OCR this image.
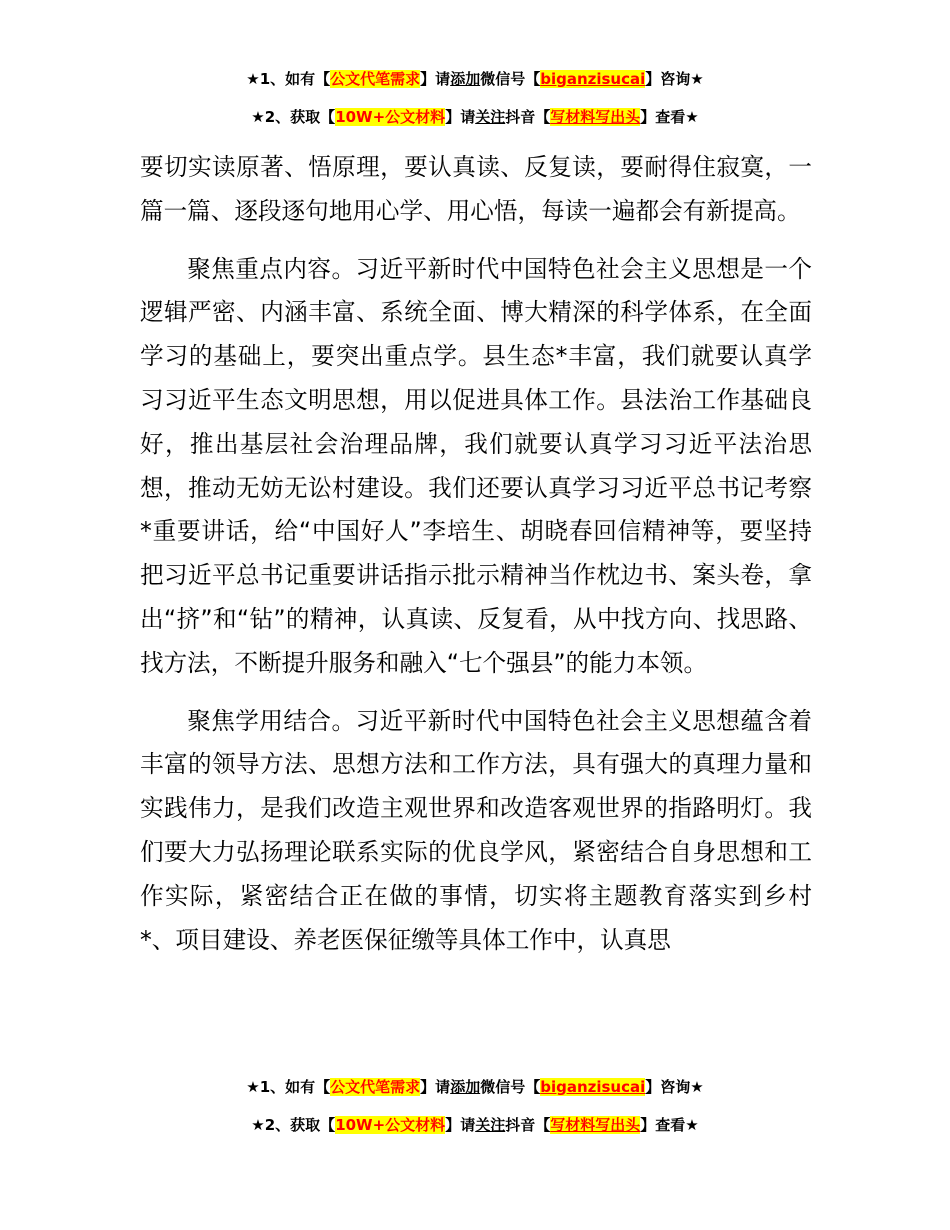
★1、如有【公文代笔需求】请添加微信号【biganzisucai】咨询★
★2、获取【10W+公文材料】请关注抖音【写材料写出头】查看★

要切实读原著、悟原理，要认真读、反复读，要耐得住寂寞，一篇一篇、逐段逐句地用心学、用心悟，每读一遍都会有新提高。

聚焦重点内容。习近平新时代中国特色社会主义思想是一个逻辑严密、内涵丰富、系统全面、博大精深的科学体系，在全面学习的基础上，要突出重点学。县生态*丰富，我们就要认真学习习近平生态文明思想，用以促进具体工作。县法治工作基础良好，推出基层社会治理品牌，我们就要认真学习习近平法治思想，推动无妨无讼村建设。我们还要认真学习习近平总书记考察*重要讲话，给“中国好人”李培生、胡晓春回信精神等，要坚持把习近平总书记重要讲话指示批示精神当作枕边书、案头卷，拿出“挤”和“钻”的精神，认真读、反复看，从中找方向、找思路、找方法，不断提升服务和融入“七个强县”的能力本领。

聚焦学用结合。习近平新时代中国特色社会主义思想蕴含着丰富的领导方法、思想方法和工作方法，具有强大的真理力量和实践伟力，是我们改造主观世界和改造客观世界的指路明灯。我们要大力弘扬理论联系实际的优良学风，紧密结合自身思想和工作实际，紧密结合正在做的事情，切实将主题教育落实到乡村*、项目建设、养老医保征缴等具体工作中，认真思

★1、如有【公文代笔需求】请添加微信号【biganzisucai】咨询★
★2、获取【10W+公文材料】请关注抖音【写材料写出头】查看★
